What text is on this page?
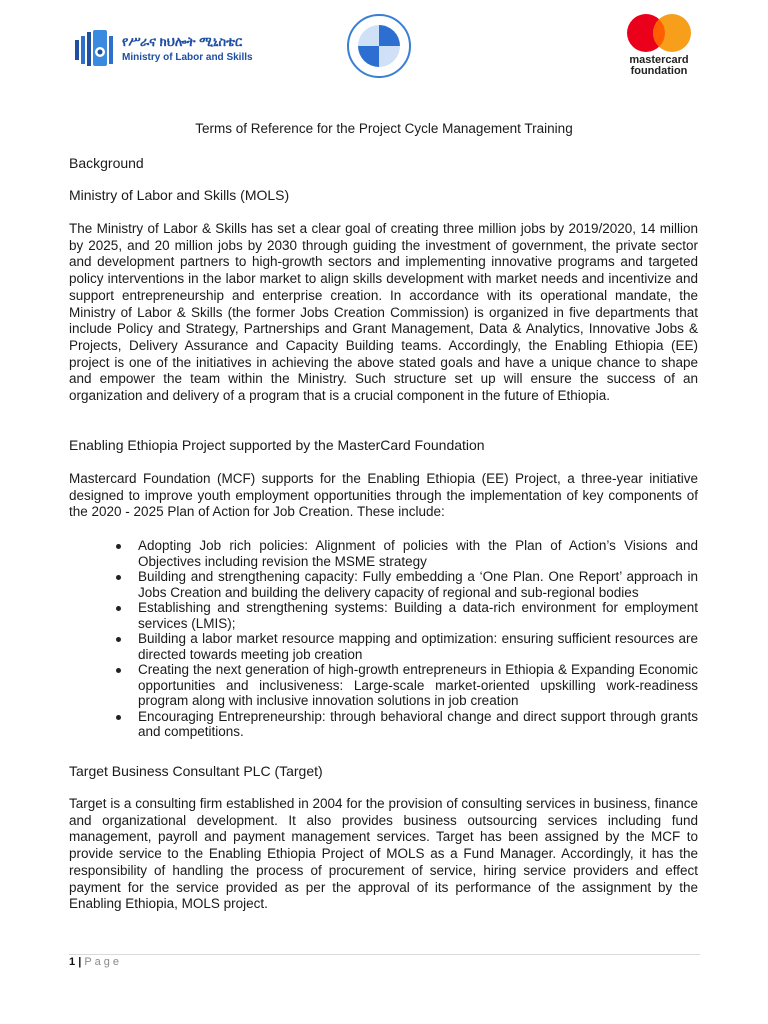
የሥራና ክህሎት ሚኒስቴር
Ministry of Labor and Skills	mastercard
foundation
Terms of Reference for the Project Cycle Management Training
Background
Ministry of Labor and Skills (MOLS)
The Ministry of Labor & Skills has set a clear goal of creating three million jobs by 2019/2020, 14 million by 2025, and 20 million jobs by 2030 through guiding the investment of government, the private sector and development partners to high-growth sectors and implementing innovative programs and targeted policy interventions in the labor market to align skills development with market needs and incentivize and support entrepreneurship and enterprise creation. In accordance with its operational mandate, the Ministry of Labor & Skills (the former Jobs Creation Commission) is organized in five departments that include Policy and Strategy, Partnerships and Grant Management, Data & Analytics, Innovative Jobs & Projects, Delivery Assurance and Capacity Building teams. Accordingly, the Enabling Ethiopia (EE) project is one of the initiatives in achieving the above stated goals and have a unique chance to shape and empower the team within the Ministry. Such structure set up will ensure the success of an organization and delivery of a program that is a crucial component in the future of Ethiopia.
Enabling Ethiopia Project supported by the MasterCard Foundation
Mastercard Foundation (MCF) supports for the Enabling Ethiopia (EE) Project, a three-year initiative designed to improve youth employment opportunities through the implementation of key components of the 2020 - 2025 Plan of Action for Job Creation. These include:
Adopting Job rich policies: Alignment of policies with the Plan of Action’s Visions and Objectives including revision the MSME strategy
Building and strengthening capacity: Fully embedding a ‘One Plan. One Report’ approach in Jobs Creation and building the delivery capacity of regional and sub-regional bodies
Establishing and strengthening systems: Building a data-rich environment for employment services (LMIS);
Building a labor market resource mapping and optimization: ensuring sufficient resources are directed towards meeting job creation
Creating the next generation of high-growth entrepreneurs in Ethiopia & Expanding Economic opportunities and inclusiveness: Large-scale market-oriented upskilling work-readiness program along with inclusive innovation solutions in job creation
Encouraging Entrepreneurship: through behavioral change and direct support through grants and competitions.
Target Business Consultant PLC (Target)
Target is a consulting firm established in 2004 for the provision of consulting services in business, finance and organizational development. It also provides business outsourcing services including fund management, payroll and payment management services. Target has been assigned by the MCF to provide service to the Enabling Ethiopia Project of MOLS as a Fund Manager. Accordingly, it has the responsibility of handling the process of procurement of service, hiring service providers and effect payment for the service provided as per the approval of its performance of the assignment by the Enabling Ethiopia, MOLS project.
1 | Page
